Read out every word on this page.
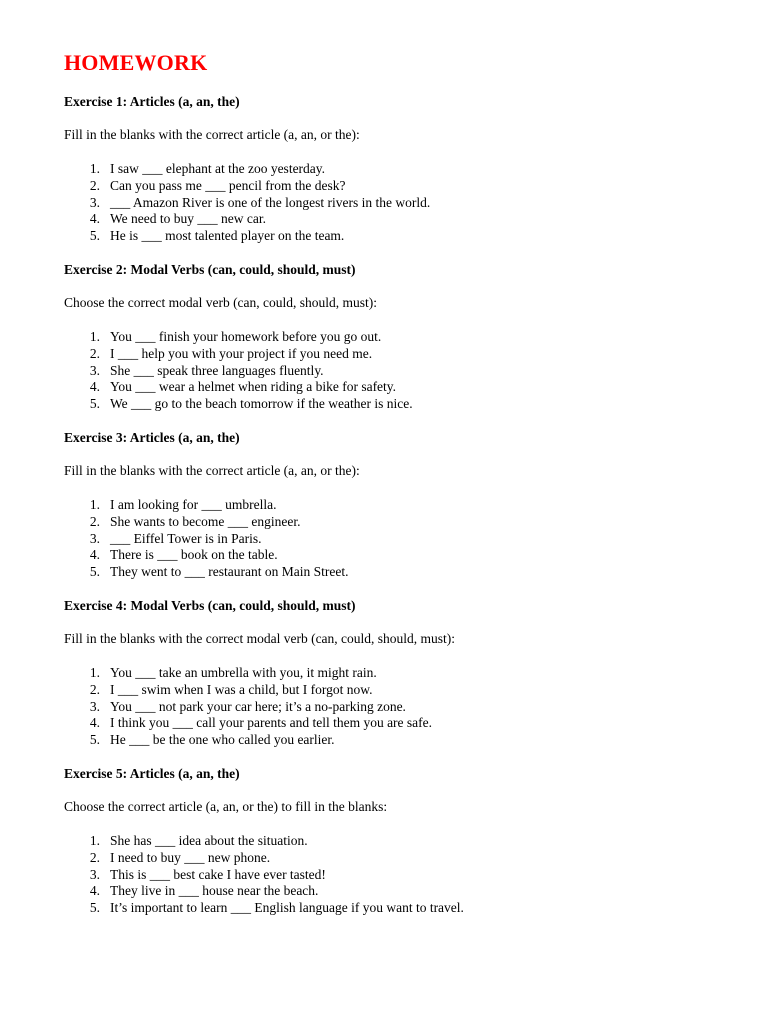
HOMEWORK

Exercise 1: Articles (a, an, the)

Fill in the blanks with the correct article (a, an, or the):

1. I saw ___ elephant at the zoo yesterday.
2. Can you pass me ___ pencil from the desk?
3. ___ Amazon River is one of the longest rivers in the world.
4. We need to buy ___ new car.
5. He is ___ most talented player on the team.

Exercise 2: Modal Verbs (can, could, should, must)

Choose the correct modal verb (can, could, should, must):

1. You ___ finish your homework before you go out.
2. I ___ help you with your project if you need me.
3. She ___ speak three languages fluently.
4. You ___ wear a helmet when riding a bike for safety.
5. We ___ go to the beach tomorrow if the weather is nice.

Exercise 3: Articles (a, an, the)

Fill in the blanks with the correct article (a, an, or the):

1. I am looking for ___ umbrella.
2. She wants to become ___ engineer.
3. ___ Eiffel Tower is in Paris.
4. There is ___ book on the table.
5. They went to ___ restaurant on Main Street.

Exercise 4: Modal Verbs (can, could, should, must)

Fill in the blanks with the correct modal verb (can, could, should, must):

1. You ___ take an umbrella with you, it might rain.
2. I ___ swim when I was a child, but I forgot now.
3. You ___ not park your car here; it’s a no-parking zone.
4. I think you ___ call your parents and tell them you are safe.
5. He ___ be the one who called you earlier.

Exercise 5: Articles (a, an, the)

Choose the correct article (a, an, or the) to fill in the blanks:

1. She has ___ idea about the situation.
2. I need to buy ___ new phone.
3. This is ___ best cake I have ever tasted!
4. They live in ___ house near the beach.
5. It’s important to learn ___ English language if you want to travel.
